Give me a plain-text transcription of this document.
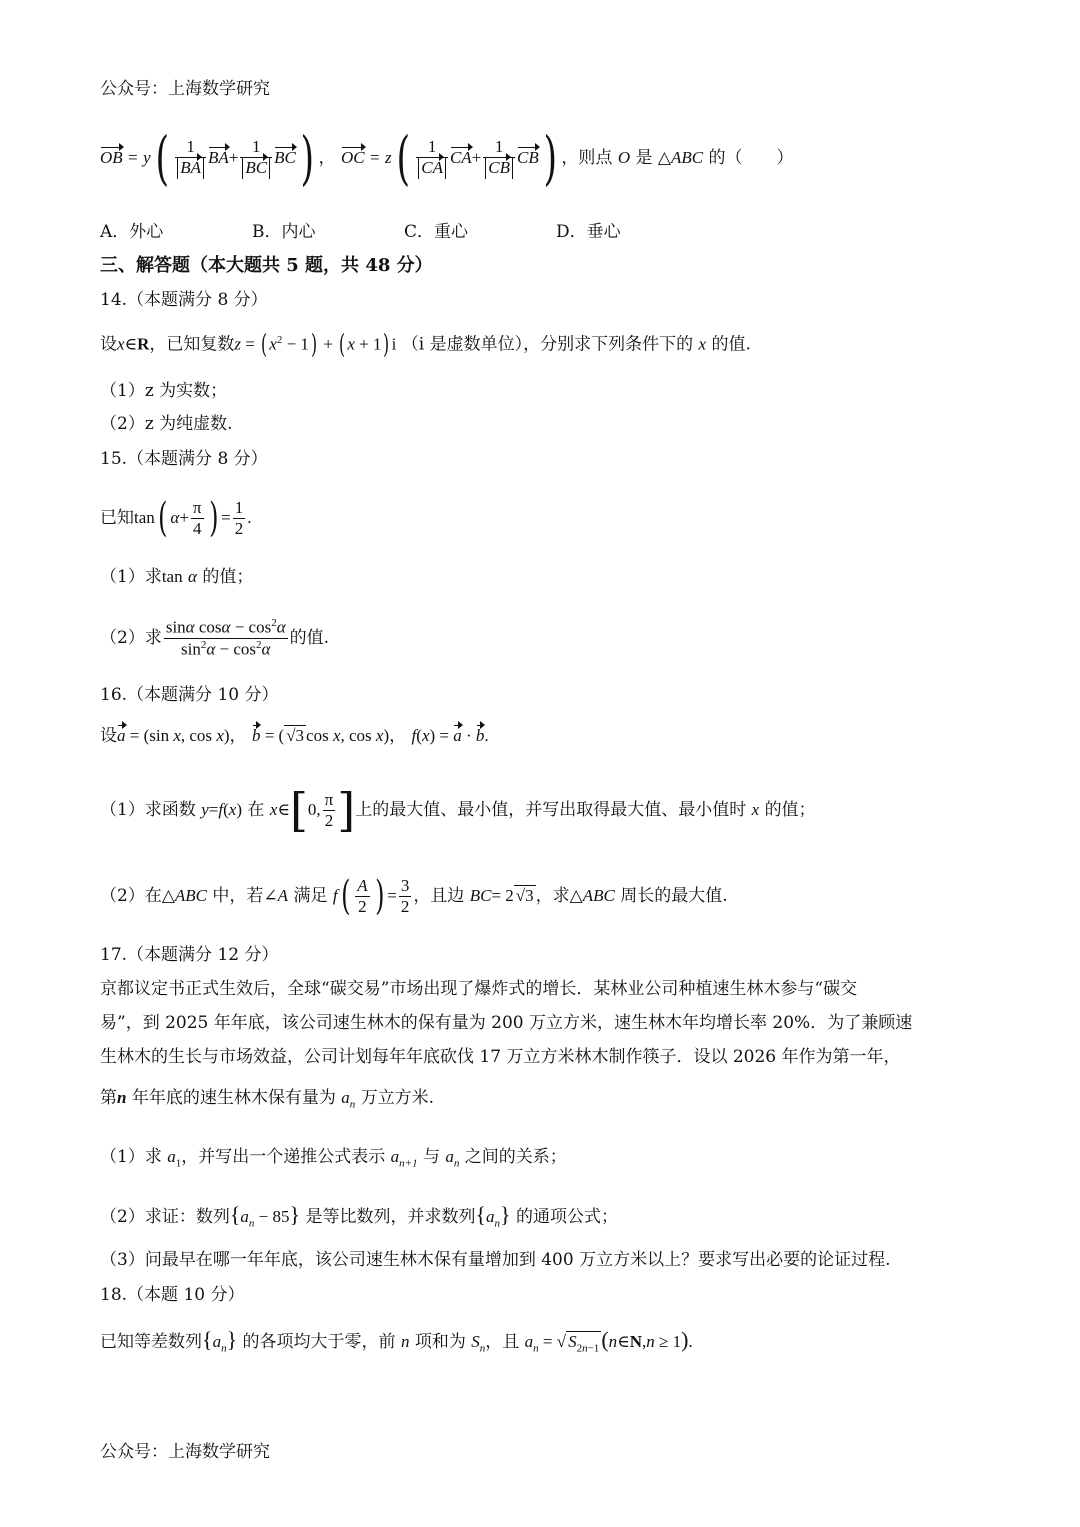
公众号：上海数学研究
OB
=
y ( $\frac{1}{BA}$ BA + $\frac{1}{BC}$ BC ) ， OC
=
z ( $\frac{1}{CA}$ CA + $\frac{1}{CB}$ CB ) ，则点
O
是 △ ABC
的（　　）
A．外心	B．内心	C．重心	D．垂心
三、解答题（本大题共 5 题，共 48 分）
14.（本题满分 8 分）
设x∈R，已知复数z = ( $x^2 - 1$) + ( x + 1) i （i 是虚数单位），分别求下列条件下的 x 的值.
（1）z 为实数；
（2）z 为纯虚数.
15.（本题满分 8 分）
已知 tan ( $\alpha + \frac{\pi}{4}$ ) = $\frac{1}{2}$ .
（1）求tan α 的值；
（2）求 $\frac{\sin\alpha \cos\alpha - \cos^2\alpha}{\sin^2\alpha - \cos^2\alpha}$ 的值.
16.（本题满分 10 分）
设a = (sin x, cos x)， b = ( √3 cos x, cos x)， f(x) = a · b.
（1）求函数
y = f ( x )
在
x ∈ [ 0, $\frac{\pi}{2}$ ] 上的最大值、最小值，并写出取得最大值、最小值时
x
的值；
（2）在 △ ABC
中，若 ∠ A
满足
f ( $\frac{A}{2}$ ) = $\frac{3}{2}$ ，且边
BC = 2 √3 ，求 △ ABC
周长的最大值.
17.（本题满分 12 分）
京都议定书正式生效后，全球“碳交易”市场出现了爆炸式的增长．某林业公司种植速生林木参与“碳交
易”，到 2025 年年底，该公司速生林木的保有量为 200 万立方米，速生林木年均增长率 20%．为了兼顾速
生林木的生长与市场效益，公司计划每年年底砍伐 17 万立方米林木制作筷子．设以 2026 年作为第一年，
第n 年年底的速生林木保有量为 $a_n$ 万立方米.
（1）求 $a_1$，并写出一个递推公式表示 $a_{n+1}$ 与 $a_n$ 之间的关系；
（2）求证：数列$\{a_n - 85\}$ 是等比数列，并求数列$\{a_n\}$ 的通项公式；
（3）问最早在哪一年年底，该公司速生林木保有量增加到 400 万立方米以上？要求写出必要的论证过程.
18.（本题 10 分）
已知等差数列$\{a_n\}$ 的各项均大于零，前 n 项和为 $S_n$，且 $a_n$ = √ $S_{2n-1}(n\in N,n \ge 1)$.
公众号：上海数学研究
